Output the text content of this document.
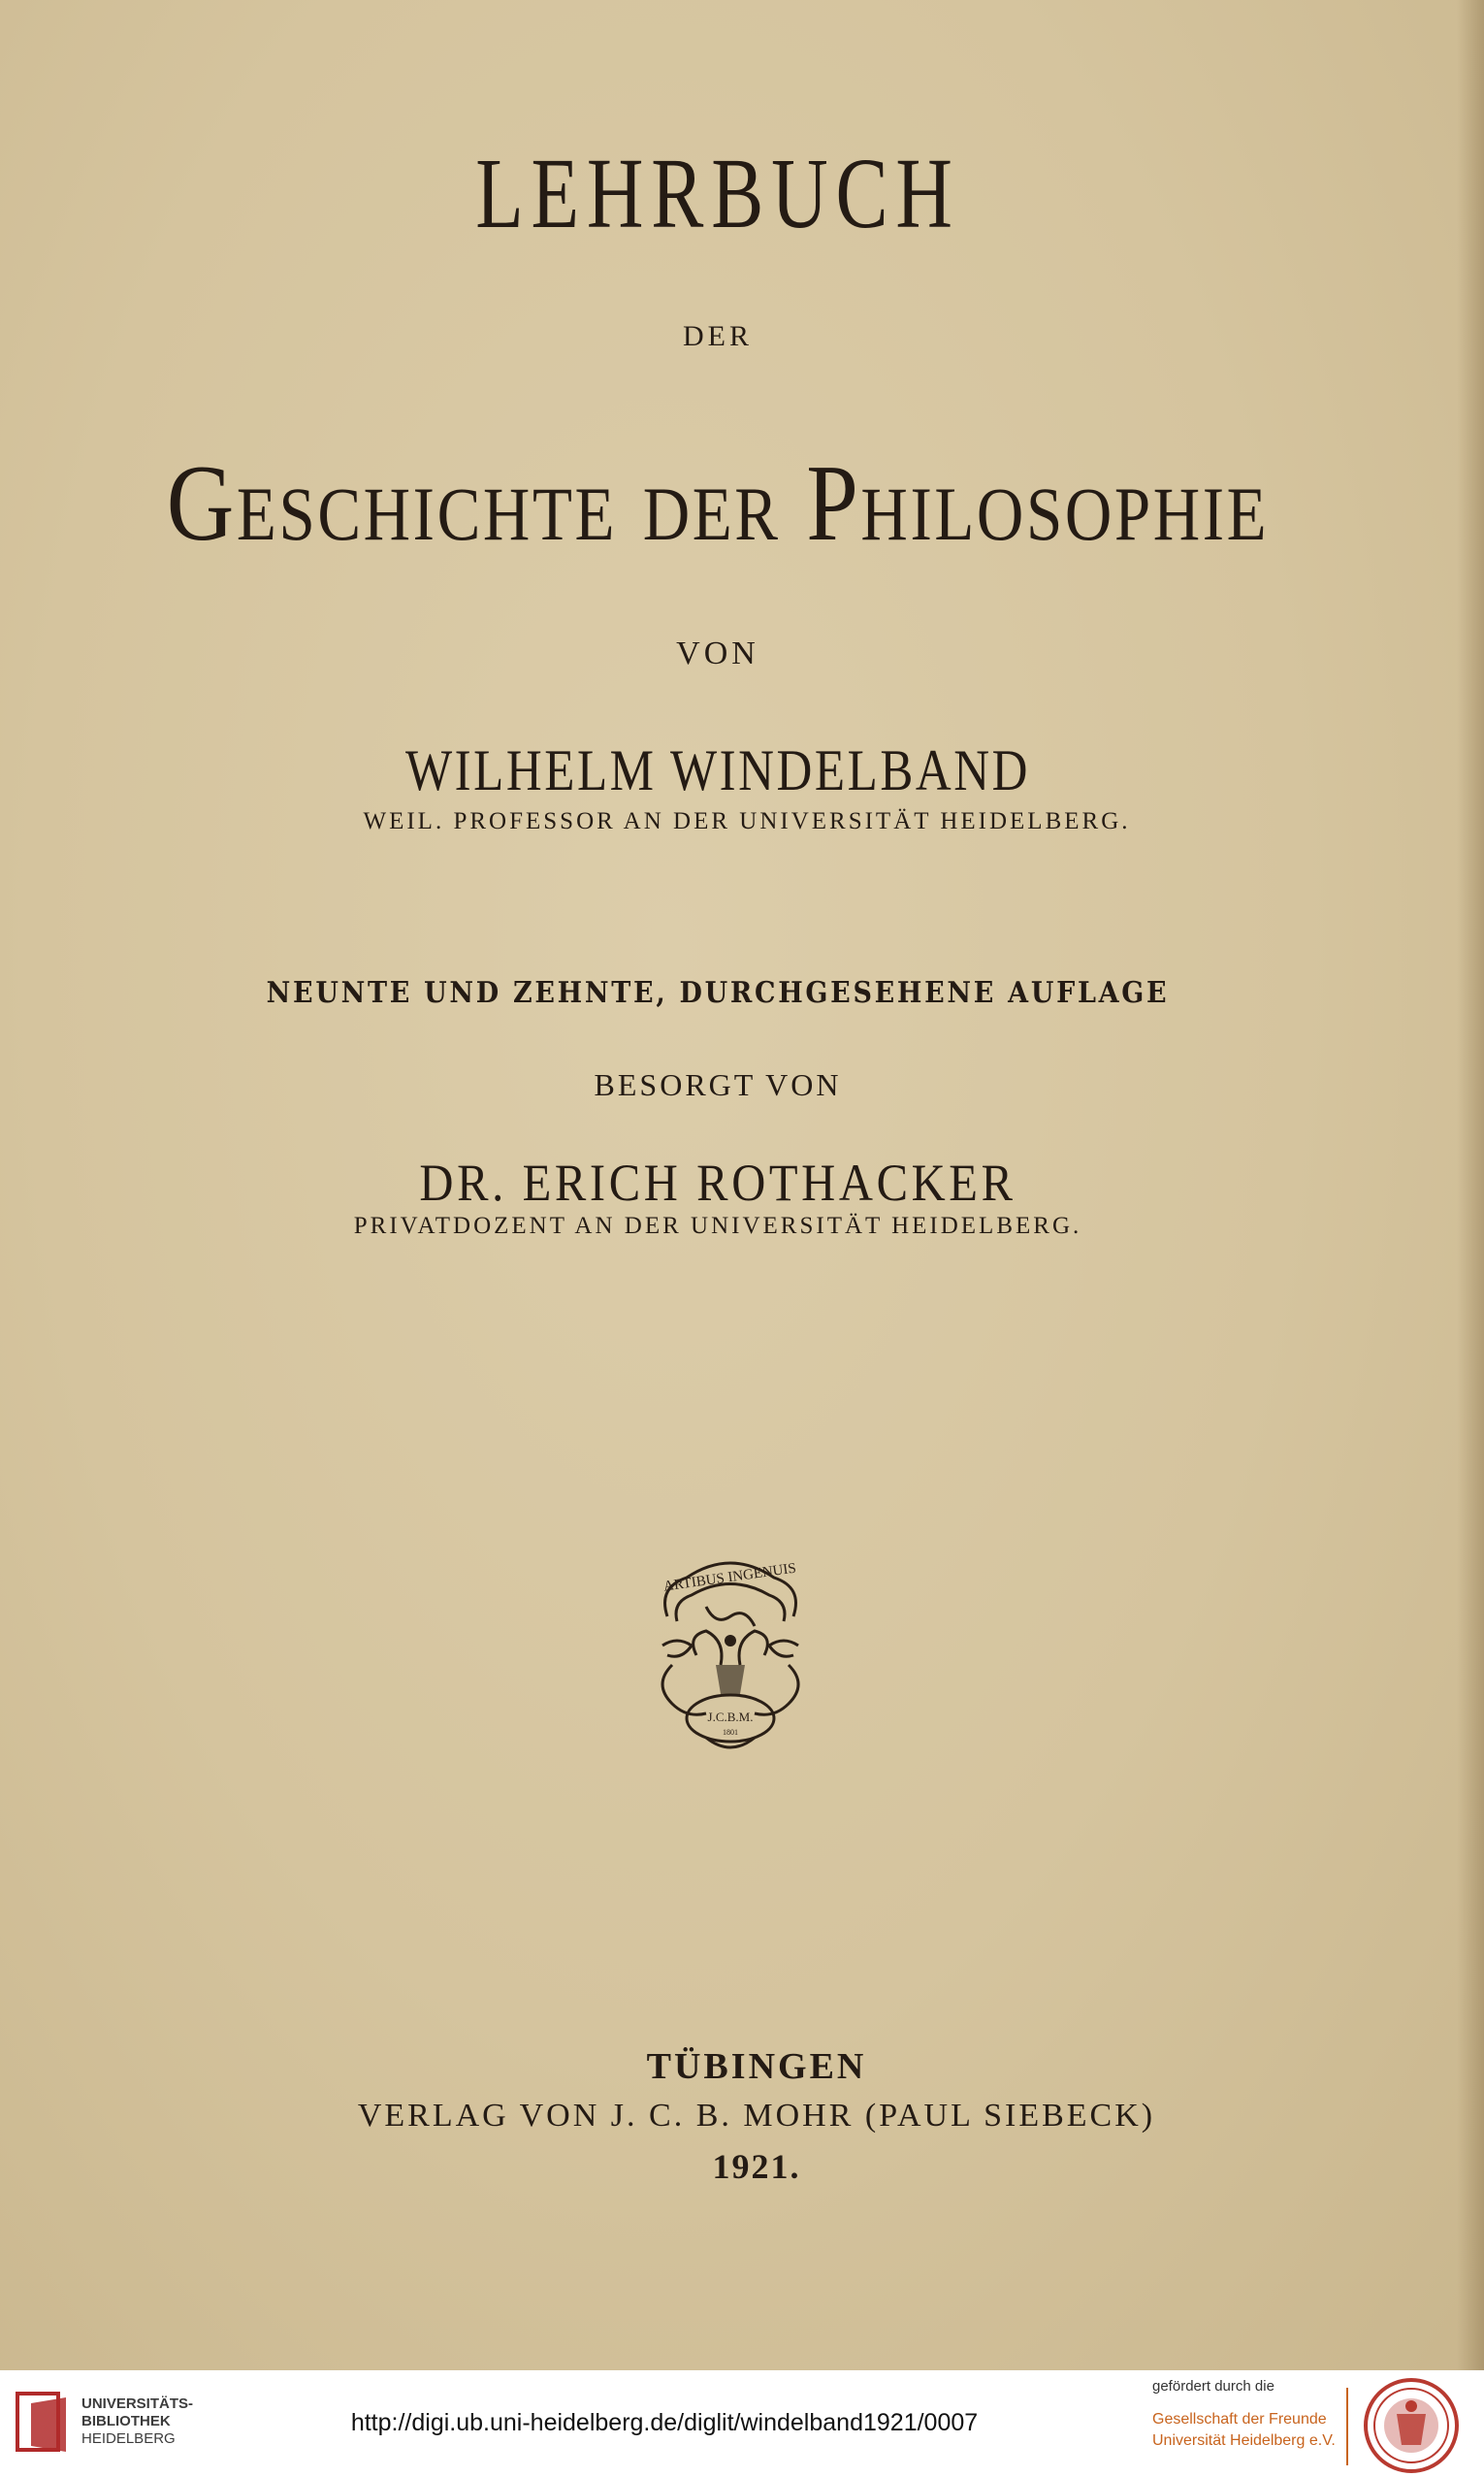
LEHRBUCH
DER
Geschichte der Philosophie
VON
WILHELM WINDELBAND
WEIL. PROFESSOR AN DER UNIVERSITÄT HEIDELBERG.
NEUNTE UND ZEHNTE, DURCHGESEHENE AUFLAGE
BESORGT VON
DR. ERICH ROTHACKER
PRIVATDOZENT AN DER UNIVERSITÄT HEIDELBERG.
ARTIBUS INGENUIS
J.C.B.M.
1801
TÜBINGEN
VERLAG VON J. C. B. MOHR (PAUL SIEBECK)
1921.
UNIVERSITÄTS-
BIBLIOTHEK
HEIDELBERG
http://digi.ub.uni-heidelberg.de/diglit/windelband1921/0007
gefördert durch die
Gesellschaft der Freunde
Universität Heidelberg e.V.
